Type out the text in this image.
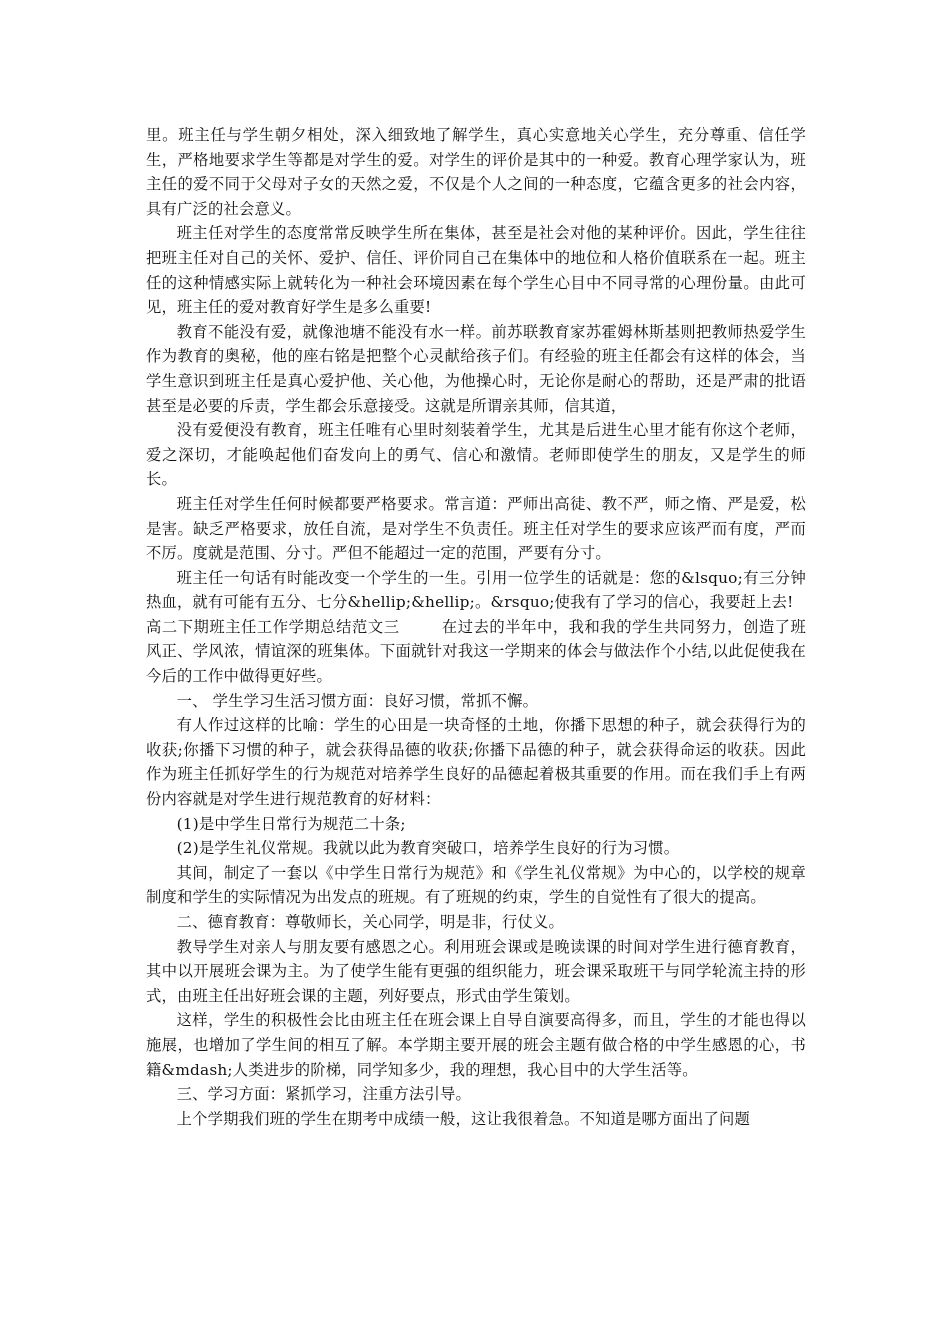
里。班主任与学生朝夕相处，深入细致地了解学生，真心实意地关心学生，充分尊重、信任学生，严格地要求学生等都是对学生的爱。对学生的评价是其中的一种爱。教育心理学家认为，班主任的爱不同于父母对子女的天然之爱，不仅是个人之间的一种态度，它蕴含更多的社会内容，具有广泛的社会意义。

班主任对学生的态度常常反映学生所在集体，甚至是社会对他的某种评价。因此，学生往往把班主任对自己的关怀、爱护、信任、评价同自己在集体中的地位和人格价值联系在一起。班主任的这种情感实际上就转化为一种社会环境因素在每个学生心目中不同寻常的心理份量。由此可见，班主任的爱对教育好学生是多么重要!

教育不能没有爱，就像池塘不能没有水一样。前苏联教育家苏霍姆林斯基则把教师热爱学生作为教育的奥秘，他的座右铭是把整个心灵献给孩子们。有经验的班主任都会有这样的体会，当学生意识到班主任是真心爱护他、关心他，为他操心时，无论你是耐心的帮助，还是严肃的批语甚至是必要的斥责，学生都会乐意接受。这就是所谓亲其师，信其道，

没有爱便没有教育，班主任唯有心里时刻装着学生，尤其是后进生心里才能有你这个老师，爱之深切，才能唤起他们奋发向上的勇气、信心和激情。老师即使学生的朋友，又是学生的师长。

班主任对学生任何时候都要严格要求。常言道：严师出高徒、教不严，师之惰、严是爱，松是害。缺乏严格要求，放任自流，是对学生不负责任。班主任对学生的要求应该严而有度，严而不厉。度就是范围、分寸。严但不能超过一定的范围，严要有分寸。

班主任一句话有时能改变一个学生的一生。引用一位学生的话就是：您的&lsquo;有三分钟热血，就有可能有五分、七分&hellip;&hellip;。&rsquo;使我有了学习的信心，我要赶上去!

高二下期班主任工作学期总结范文三	在过去的半年中，我和我的学生共同努力，创造了班风正、学风浓，情谊深的班集体。下面就针对我这一学期来的体会与做法作个小结,以此促使我在今后的工作中做得更好些。

一、 学生学习生活习惯方面：良好习惯，常抓不懈。

有人作过这样的比喻：学生的心田是一块奇怪的土地，你播下思想的种子，就会获得行为的收获;你播下习惯的种子，就会获得品德的收获;你播下品德的种子，就会获得命运的收获。因此作为班主任抓好学生的行为规范对培养学生良好的品德起着极其重要的作用。而在我们手上有两份内容就是对学生进行规范教育的好材料：

(1)是中学生日常行为规范二十条;

(2)是学生礼仪常规。我就以此为教育突破口，培养学生良好的行为习惯。

其间，制定了一套以《中学生日常行为规范》和《学生礼仪常规》为中心的，以学校的规章制度和学生的实际情况为出发点的班规。有了班规的约束，学生的自觉性有了很大的提高。

二、德育教育：尊敬师长，关心同学，明是非，行仗义。

教导学生对亲人与朋友要有感恩之心。利用班会课或是晚读课的时间对学生进行德育教育，其中以开展班会课为主。为了使学生能有更强的组织能力，班会课采取班干与同学轮流主持的形式，由班主任出好班会课的主题，列好要点，形式由学生策划。

这样，学生的积极性会比由班主任在班会课上自导自演要高得多，而且，学生的才能也得以施展，也增加了学生间的相互了解。本学期主要开展的班会主题有做合格的中学生感恩的心，书籍&mdash;人类进步的阶梯，同学知多少，我的理想，我心目中的大学生活等。

三、学习方面：紧抓学习，注重方法引导。

上个学期我们班的学生在期考中成绩一般，这让我很着急。不知道是哪方面出了问题
